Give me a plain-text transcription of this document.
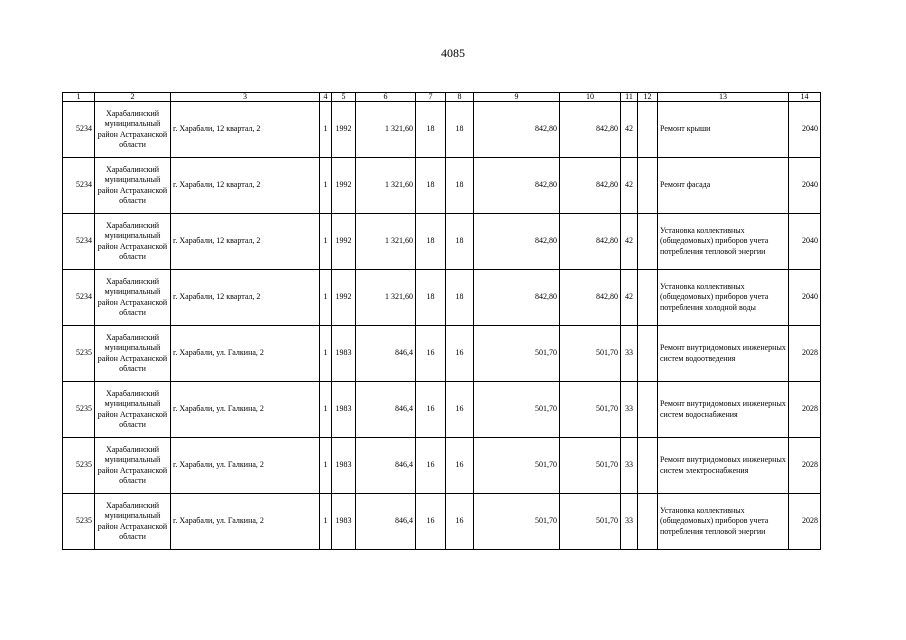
4085
1	2	3	4	5	6	7	8	9	10	11	12	13	14
5234	Харабалинский муниципальный район Астраханской области	г. Харабали, 12 квартал, 2	1	1992	1 321,60	18	18	842,80	842,80	42		Ремонт крыши	2040
5234	Харабалинский муниципальный район Астраханской области	г. Харабали, 12 квартал, 2	1	1992	1 321,60	18	18	842,80	842,80	42		Ремонт фасада	2040
5234	Харабалинский муниципальный район Астраханской области	г. Харабали, 12 квартал, 2	1	1992	1 321,60	18	18	842,80	842,80	42		Установка коллективных (общедомовых) приборов учета потребления тепловой энергии	2040
5234	Харабалинский муниципальный район Астраханской области	г. Харабали, 12 квартал, 2	1	1992	1 321,60	18	18	842,80	842,80	42		Установка коллективных (общедомовых) приборов учета потребления холодной воды	2040
5235	Харабалинский муниципальный район Астраханской области	г. Харабали, ул. Галкина, 2	1	1983	846,4	16	16	501,70	501,70	33		Ремонт внутридомовых инженерных систем водоотведения	2028
5235	Харабалинский муниципальный район Астраханской области	г. Харабали, ул. Галкина, 2	1	1983	846,4	16	16	501,70	501,70	33		Ремонт внутридомовых инженерных систем водоснабжения	2028
5235	Харабалинский муниципальный район Астраханской области	г. Харабали, ул. Галкина, 2	1	1983	846,4	16	16	501,70	501,70	33		Ремонт внутридомовых инженерных систем электроснабжения	2028
5235	Харабалинский муниципальный район Астраханской области	г. Харабали, ул. Галкина, 2	1	1983	846,4	16	16	501,70	501,70	33		Установка коллективных (общедомовых) приборов учета потребления тепловой энергии	2028
